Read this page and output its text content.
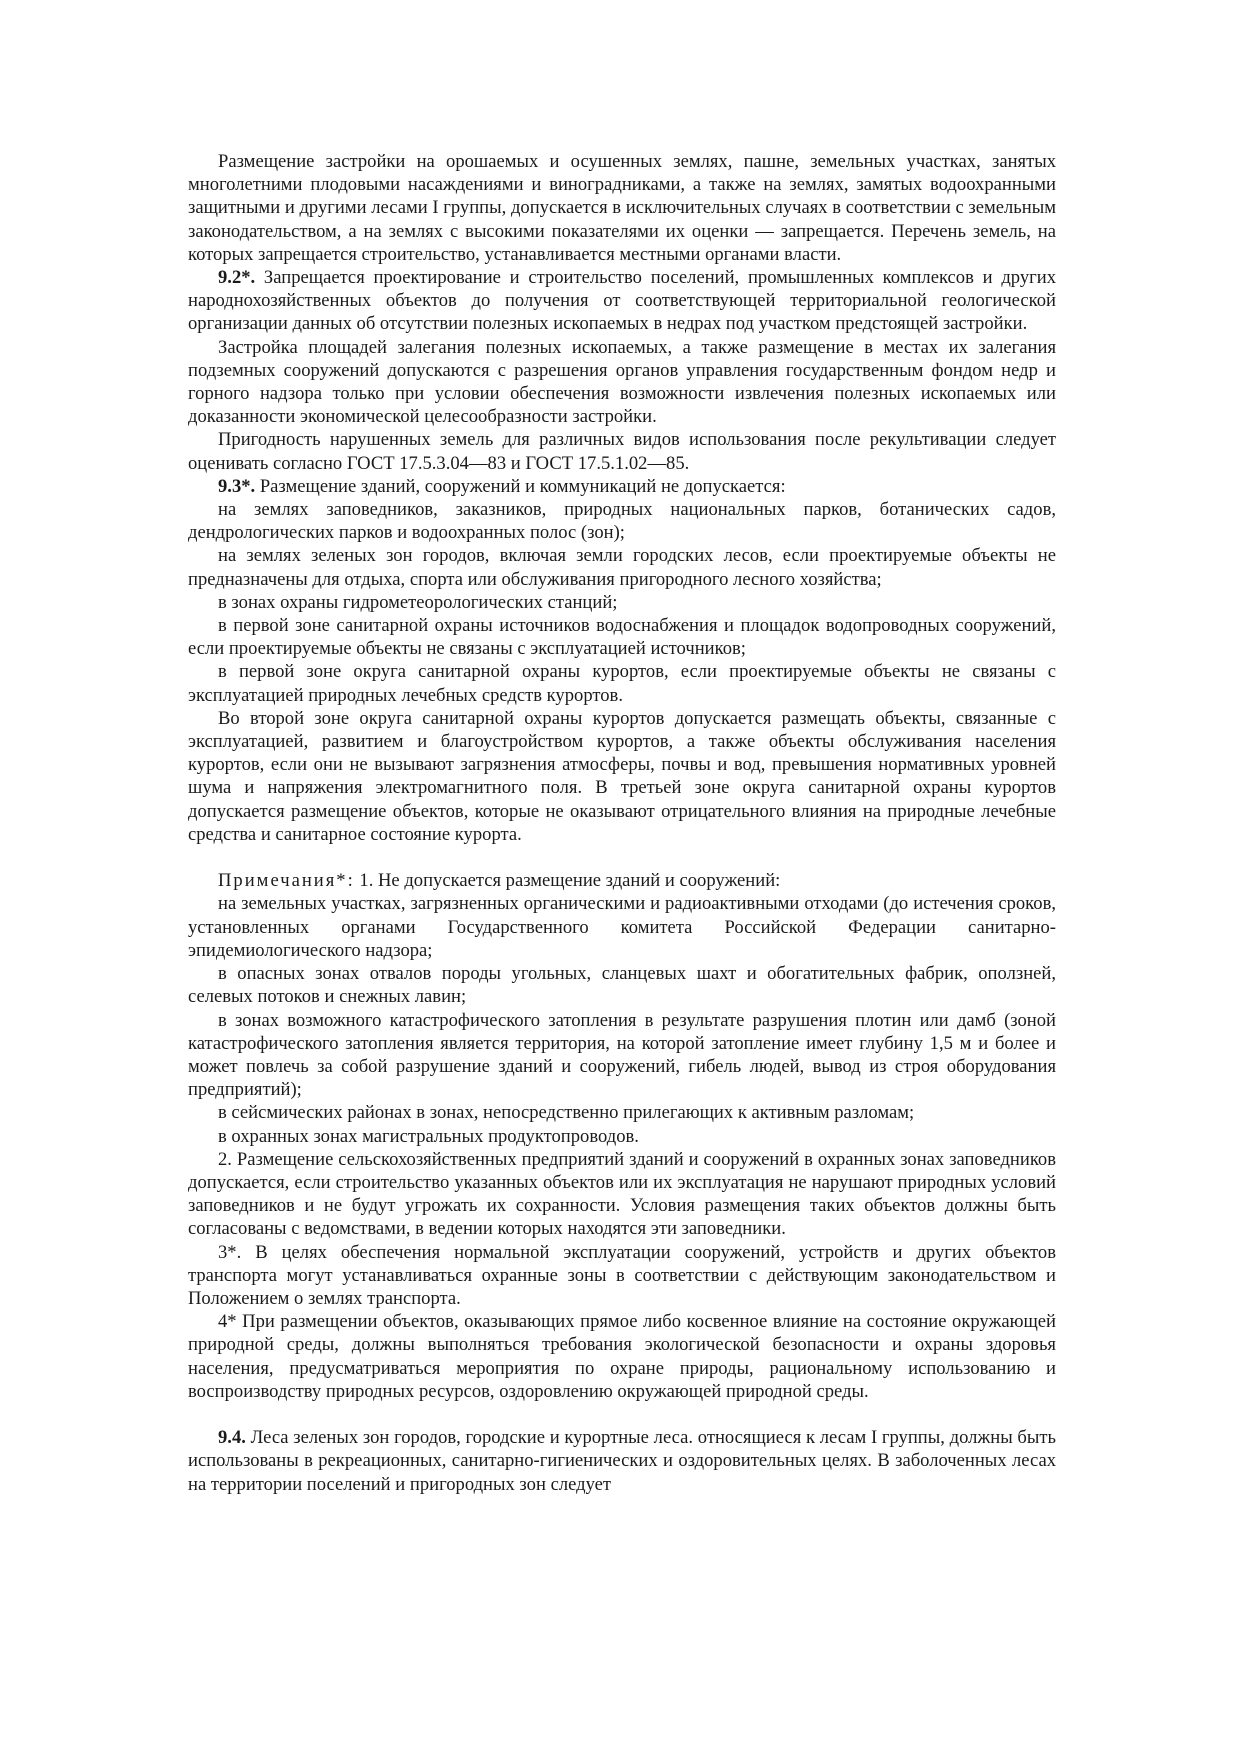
Размещение застройки на орошаемых и осушенных землях, пашне, земельных участках, занятых многолетними плодовыми насаждениями и виноградниками, а также на землях, замятых водоохранными защитными и другими лесами I группы, допускается в исключительных случаях в соответствии с земельным законодательством, а на землях с высокими показателями их оценки — запрещается. Перечень земель, на которых запрещается строительство, устанавливается местными органами власти.

9.2*. Запрещается проектирование и строительство поселений, промышленных комплексов и других народнохозяйственных объектов до получения от соответствующей территориальной геологической организации данных об отсутствии полезных ископаемых в недрах под участком предстоящей застройки.

Застройка площадей залегания полезных ископаемых, а также размещение в местах их залегания подземных сооружений допускаются с разрешения органов управления государственным фондом недр и горного надзора только при условии обеспечения возможности извлечения полезных ископаемых или доказанности экономической целесообразности застройки.

Пригодность нарушенных земель для различных видов использования после рекультивации следует оценивать согласно ГОСТ 17.5.3.04—83 и ГОСТ 17.5.1.02—85.

9.3*. Размещение зданий, сооружений и коммуникаций не допускается:

на землях заповедников, заказников, природных национальных парков, ботанических садов, дендрологических парков и водоохранных полос (зон);

на землях зеленых зон городов, включая земли городских лесов, если проектируемые объекты не предназначены для отдыха, спорта или обслуживания пригородного лесного хозяйства;

в зонах охраны гидрометеорологических станций;

в первой зоне санитарной охраны источников водоснабжения и площадок водопроводных сооружений, если проектируемые объекты не связаны с эксплуатацией источников;

в первой зоне округа санитарной охраны курортов, если проектируемые объекты не связаны с эксплуатацией природных лечебных средств курортов.

Во второй зоне округа санитарной охраны курортов допускается размещать объекты, связанные с эксплуатацией, развитием и благоустройством курортов, а также объекты обслуживания населения курортов, если они не вызывают загрязнения атмосферы, почвы и вод, превышения нормативных уровней шума и напряжения электромагнитного поля. В третьей зоне округа санитарной охраны курортов допускается размещение объектов, которые не оказывают отрицательного влияния на природные лечебные средства и санитарное состояние курорта.

Примечания*: 1. Не допускается размещение зданий и сооружений:

на земельных участках, загрязненных органическими и радиоактивными отходами (до истечения сроков, установленных органами Государственного комитета Российской Федерации санитарно-эпидемиологического надзора;

в опасных зонах отвалов породы угольных, сланцевых шахт и обогатительных фабрик, оползней, селевых потоков и снежных лавин;

в зонах возможного катастрофического затопления в результате разрушения плотин или дамб (зоной катастрофического затопления является территория, на которой затопление имеет глубину 1,5 м и более и может повлечь за собой разрушение зданий и сооружений, гибель людей, вывод из строя оборудования предприятий);

в сейсмических районах в зонах, непосредственно прилегающих к активным разломам;

в охранных зонах магистральных продуктопроводов.

2. Размещение сельскохозяйственных предприятий зданий и сооружений в охранных зонах заповедников допускается, если строительство указанных объектов или их эксплуатация не нарушают природных условий заповедников и не будут угрожать их сохранности. Условия размещения таких объектов должны быть согласованы с ведомствами, в ведении которых находятся эти заповедники.

3*. В целях обеспечения нормальной эксплуатации сооружений, устройств и других объектов транспорта могут устанавливаться охранные зоны в соответствии с действующим законодательством и Положением о землях транспорта.

4* При размещении объектов, оказывающих прямое либо косвенное влияние на состояние окружающей природной среды, должны выполняться требования экологической безопасности и охраны здоровья населения, предусматриваться мероприятия по охране природы, рациональному использованию и воспроизводству природных ресурсов, оздоровлению окружающей природной среды.

9.4. Леса зеленых зон городов, городские и курортные леса. относящиеся к лесам I группы, должны быть использованы в рекреационных, санитарно-гигиенических и оздоровительных целях. В заболоченных лесах на территории поселений и пригородных зон следует
